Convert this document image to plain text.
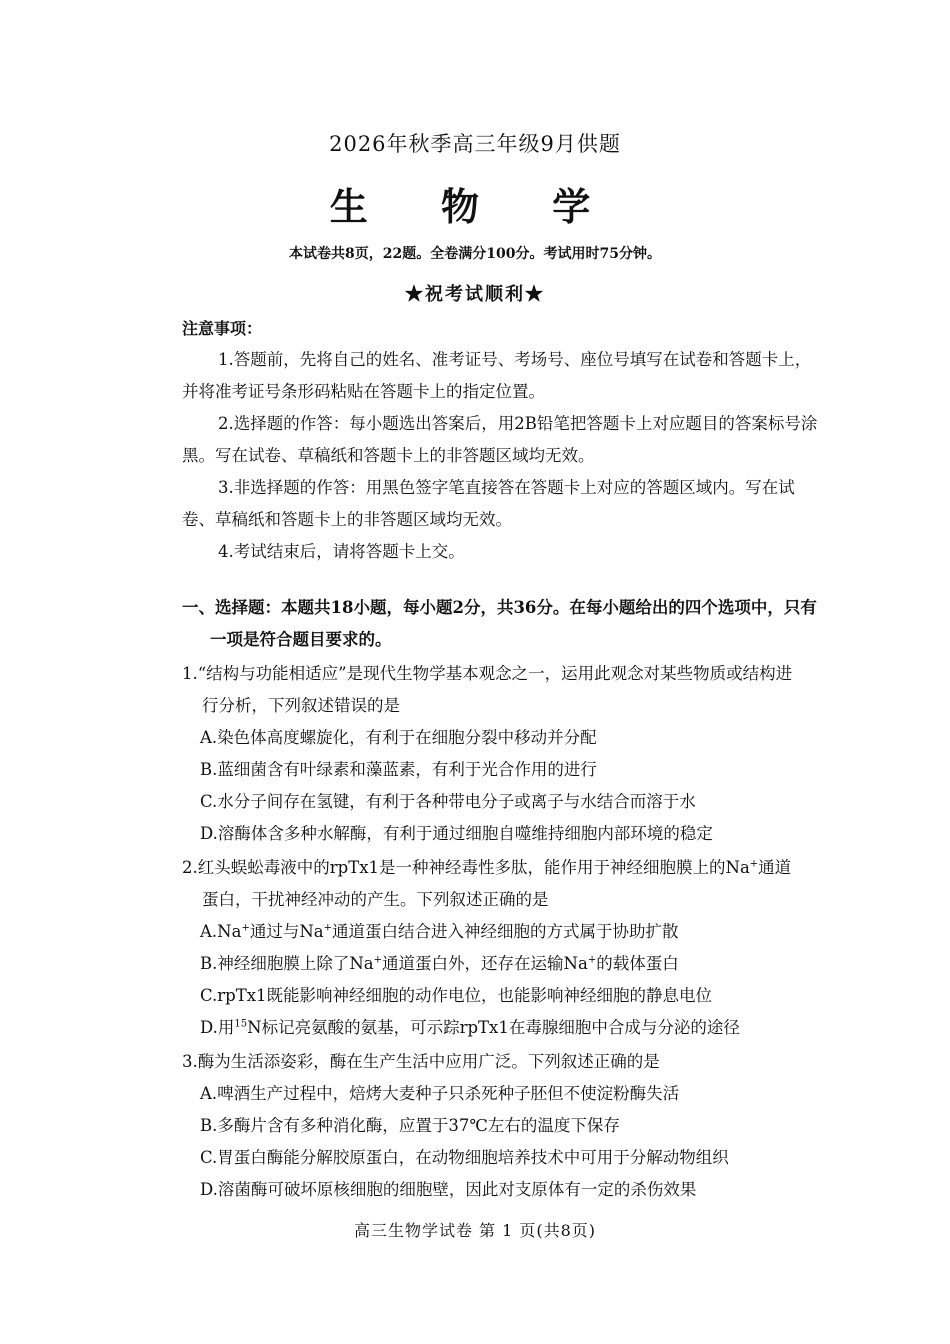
2026年秋季高三年级9月供题
生 物 学
本试卷共8页，22题。全卷满分100分。考试用时75分钟。
★祝考试顺利★
注意事项：

1.答题前，先将自己的姓名、准考证号、考场号、座位号填写在试卷和答题卡上，并将准考证号条形码粘贴在答题卡上的指定位置。

2.选择题的作答：每小题选出答案后，用2B铅笔把答题卡上对应题目的答案标号涂黑。写在试卷、草稿纸和答题卡上的非答题区域均无效。

3.非选择题的作答：用黑色签字笔直接答在答题卡上对应的答题区域内。写在试卷、草稿纸和答题卡上的非答题区域均无效。

4.考试结束后，请将答题卡上交。

一、选择题：本题共18小题，每小题2分，共36分。在每小题给出的四个选项中，只有
一项是符合题目要求的。

1.“结构与功能相适应”是现代生物学基本观念之一，运用此观念对某些物质或结构进

行分析，下列叙述错误的是

A.染色体高度螺旋化，有利于在细胞分裂中移动并分配

B.蓝细菌含有叶绿素和藻蓝素，有利于光合作用的进行

C.水分子间存在氢键，有利于各种带电分子或离子与水结合而溶于水

D.溶酶体含多种水解酶，有利于通过细胞自噬维持细胞内部环境的稳定

2.红头蜈蚣毒液中的rpTx1是一种神经毒性多肽，能作用于神经细胞膜上的Na+通道

蛋白，干扰神经冲动的产生。下列叙述正确的是

A.Na+通过与Na+通道蛋白结合进入神经细胞的方式属于协助扩散

B.神经细胞膜上除了Na+通道蛋白外，还存在运输Na+的载体蛋白

C.rpTx1既能影响神经细胞的动作电位，也能影响神经细胞的静息电位

D.用$^{15}$N标记亮氨酸的氨基，可示踪rpTx1在毒腺细胞中合成与分泌的途径

3.酶为生活添姿彩，酶在生产生活中应用广泛。下列叙述正确的是

A.啤酒生产过程中，焙烤大麦种子只杀死种子胚但不使淀粉酶失活

B.多酶片含有多种消化酶，应置于37℃左右的温度下保存

C.胃蛋白酶能分解胶原蛋白，在动物细胞培养技术中可用于分解动物组织

D.溶菌酶可破坏原核细胞的细胞壁，因此对支原体有一定的杀伤效果

高三生物学试卷 第 1 页(共8页)
